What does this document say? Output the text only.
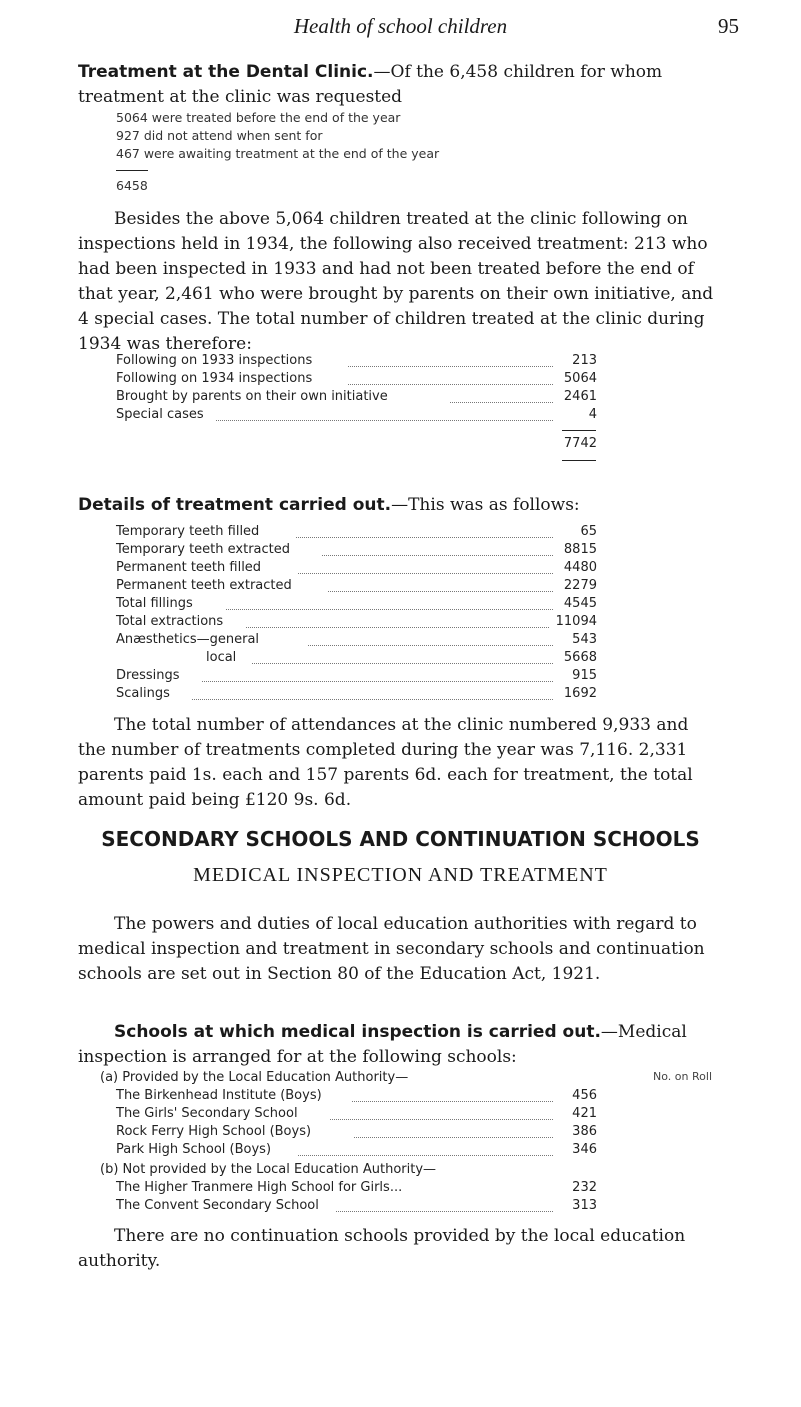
Health of school children	95
Treatment at the Dental Clinic.—Of the 6,458 children for whom
treatment at the clinic was requested
5064 were treated before the end of the year
927 did not attend when sent for
467 were awaiting treatment at the end of the year
6458
Besides the above 5,064 children treated at the clinic following on inspections held in 1934, the following also received treatment: 213 who had been inspected in 1933 and had not been treated before the end of that year, 2,461 who were brought by parents on their own initiative, and 4 special cases. The total number of children treated at the clinic during 1934 was therefore:
Following on 1933 inspections	213
Following on 1934 inspections	5064
Brought by parents on their own initiative	2461
Special cases	4
7742
Details of treatment carried out.—This was as follows:
Temporary teeth filled	65
Temporary teeth extracted	8815
Permanent teeth filled	4480
Permanent teeth extracted	2279
Total fillings	4545
Total extractions	11094
Anæsthetics—general	543
local	5668
Dressings	915
Scalings	1692
The total number of attendances at the clinic numbered 9,933 and the number of treatments completed during the year was 7,116. 2,331 parents paid 1s. each and 157 parents 6d. each for treatment, the total amount paid being £120 9s. 6d.
SECONDARY SCHOOLS AND CONTINUATION SCHOOLS
MEDICAL INSPECTION AND TREATMENT
The powers and duties of local education authorities with regard to medical inspection and treatment in secondary schools and continuation schools are set out in Section 80 of the Education Act, 1921.
Schools at which medical inspection is carried out.—Medical inspection is arranged for at the following schools:
(a) Provided by the Local Education Authority—	No. on Roll
The Birkenhead Institute (Boys)	456
The Girls' Secondary School	421
Rock Ferry High School (Boys)	386
Park High School (Boys)	346
(b) Not provided by the Local Education Authority—
The Higher Tranmere High School for Girls...	232
The Convent Secondary School	313
There are no continuation schools provided by the local education authority.
